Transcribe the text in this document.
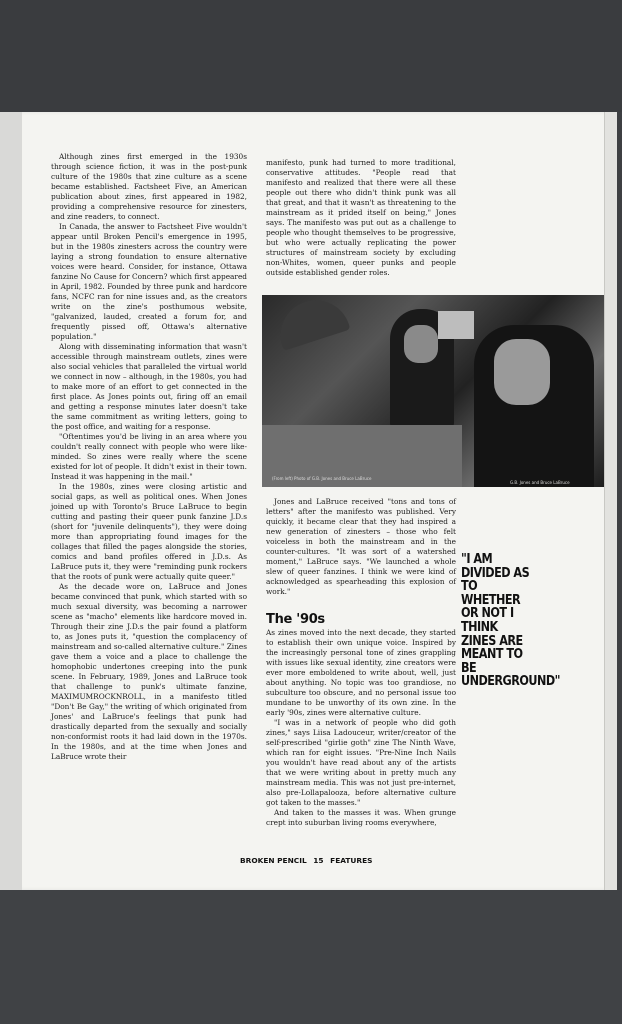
Although zines first emerged in the 1930s through science fiction, it was in the post-punk culture of the 1980s that zine culture as a scene became established. Factsheet Five, an American publication about zines, first appeared in 1982, providing a comprehensive resource for zinesters, and zine readers, to connect.

In Canada, the answer to Factsheet Five wouldn't appear until Broken Pencil's emergence in 1995, but in the 1980s zinesters across the country were laying a strong foundation to ensure alternative voices were heard. Consider, for instance, Ottawa fanzine No Cause for Concern? which first appeared in April, 1982. Founded by three punk and hardcore fans, NCFC ran for nine issues and, as the creators write on the zine's posthumous website, "galvanized, lauded, created a forum for, and frequently pissed off, Ottawa's alternative population."

Along with disseminating information that wasn't accessible through mainstream outlets, zines were also social vehicles that paralleled the virtual world we connect in now – although, in the 1980s, you had to make more of an effort to get connected in the first place. As Jones points out, firing off an email and getting a response minutes later doesn't take the same commitment as writing letters, going to the post office, and waiting for a response.

"Oftentimes you'd be living in an area where you couldn't really connect with people who were like-minded. So zines were really where the scene existed for lot of people. It didn't exist in their town. Instead it was happening in the mail."

In the 1980s, zines were closing artistic and social gaps, as well as political ones. When Jones joined up with Toronto's Bruce LaBruce to begin cutting and pasting their queer punk fanzine J.D.s (short for "juvenile delinquents"), they were doing more than appropriating found images for the collages that filled the pages alongside the stories, comics and band profiles offered in J.D.s. As LaBruce puts it, they were "reminding punk rockers that the roots of punk were actually quite queer."

As the decade wore on, LaBruce and Jones became convinced that punk, which started with so much sexual diversity, was becoming a narrower scene as "macho" elements like hardcore moved in. Through their zine J.D.s the pair found a platform to, as Jones puts it, "question the complacency of mainstream and so-called alternative culture." Zines gave them a voice and a place to challenge the homophobic undertones creeping into the punk scene. In February, 1989, Jones and LaBruce took that challenge to punk's ultimate fanzine, MAXIMUMROCKNROLL, in a manifesto titled "Don't Be Gay," the writing of which originated from Jones' and LaBruce's feelings that punk had drastically departed from the sexually and socially non-conformist roots it had laid down in the 1970s. In the 1980s, and at the time when Jones and LaBruce wrote their

manifesto, punk had turned to more traditional, conservative attitudes. "People read that manifesto and realized that there were all these people out there who didn't think punk was all that great, and that it wasn't as threatening to the mainstream as it prided itself on being," Jones says. The manifesto was put out as a challenge to people who thought themselves to be progressive, but who were actually replicating the power structures of mainstream society by excluding non-Whites, women, queer punks and people outside established gender roles.

(From left) Photo of G.B. Jones and Bruce LaBruce
G.B. Jones and Bruce LaBruce

Jones and LaBruce received "tons and tons of letters" after the manifesto was published. Very quickly, it became clear that they had inspired a new generation of zinesters – those who felt voiceless in both the mainstream and in the counter-cultures. "It was sort of a watershed moment," LaBruce says. "We launched a whole slew of queer fanzines. I think we were kind of acknowledged as spearheading this explosion of work."

The '90s

As zines moved into the next decade, they started to establish their own unique voice. Inspired by the increasingly personal tone of zines grappling with issues like sexual identity, zine creators were ever more emboldened to write about, well, just about anything. No topic was too grandiose, no subculture too obscure, and no personal issue too mundane to be unworthy of its own zine. In the early '90s, zines were alternative culture.

"I was in a network of people who did goth zines," says Liisa Ladouceur, writer/creator of the self-prescribed "girlie goth" zine The Ninth Wave, which ran for eight issues. "Pre-Nine Inch Nails you wouldn't have read about any of the artists that we were writing about in pretty much any mainstream media. This was not just pre-internet, also pre-Lollapalooza, before alternative culture got taken to the masses."

And taken to the masses it was. When grunge crept into suburban living rooms everywhere,

"I AM DIVIDED AS TO WHETHER OR NOT I THINK ZINES ARE MEANT TO BE UNDERGROUND"
BROKEN PENCIL 15 FEATURES
